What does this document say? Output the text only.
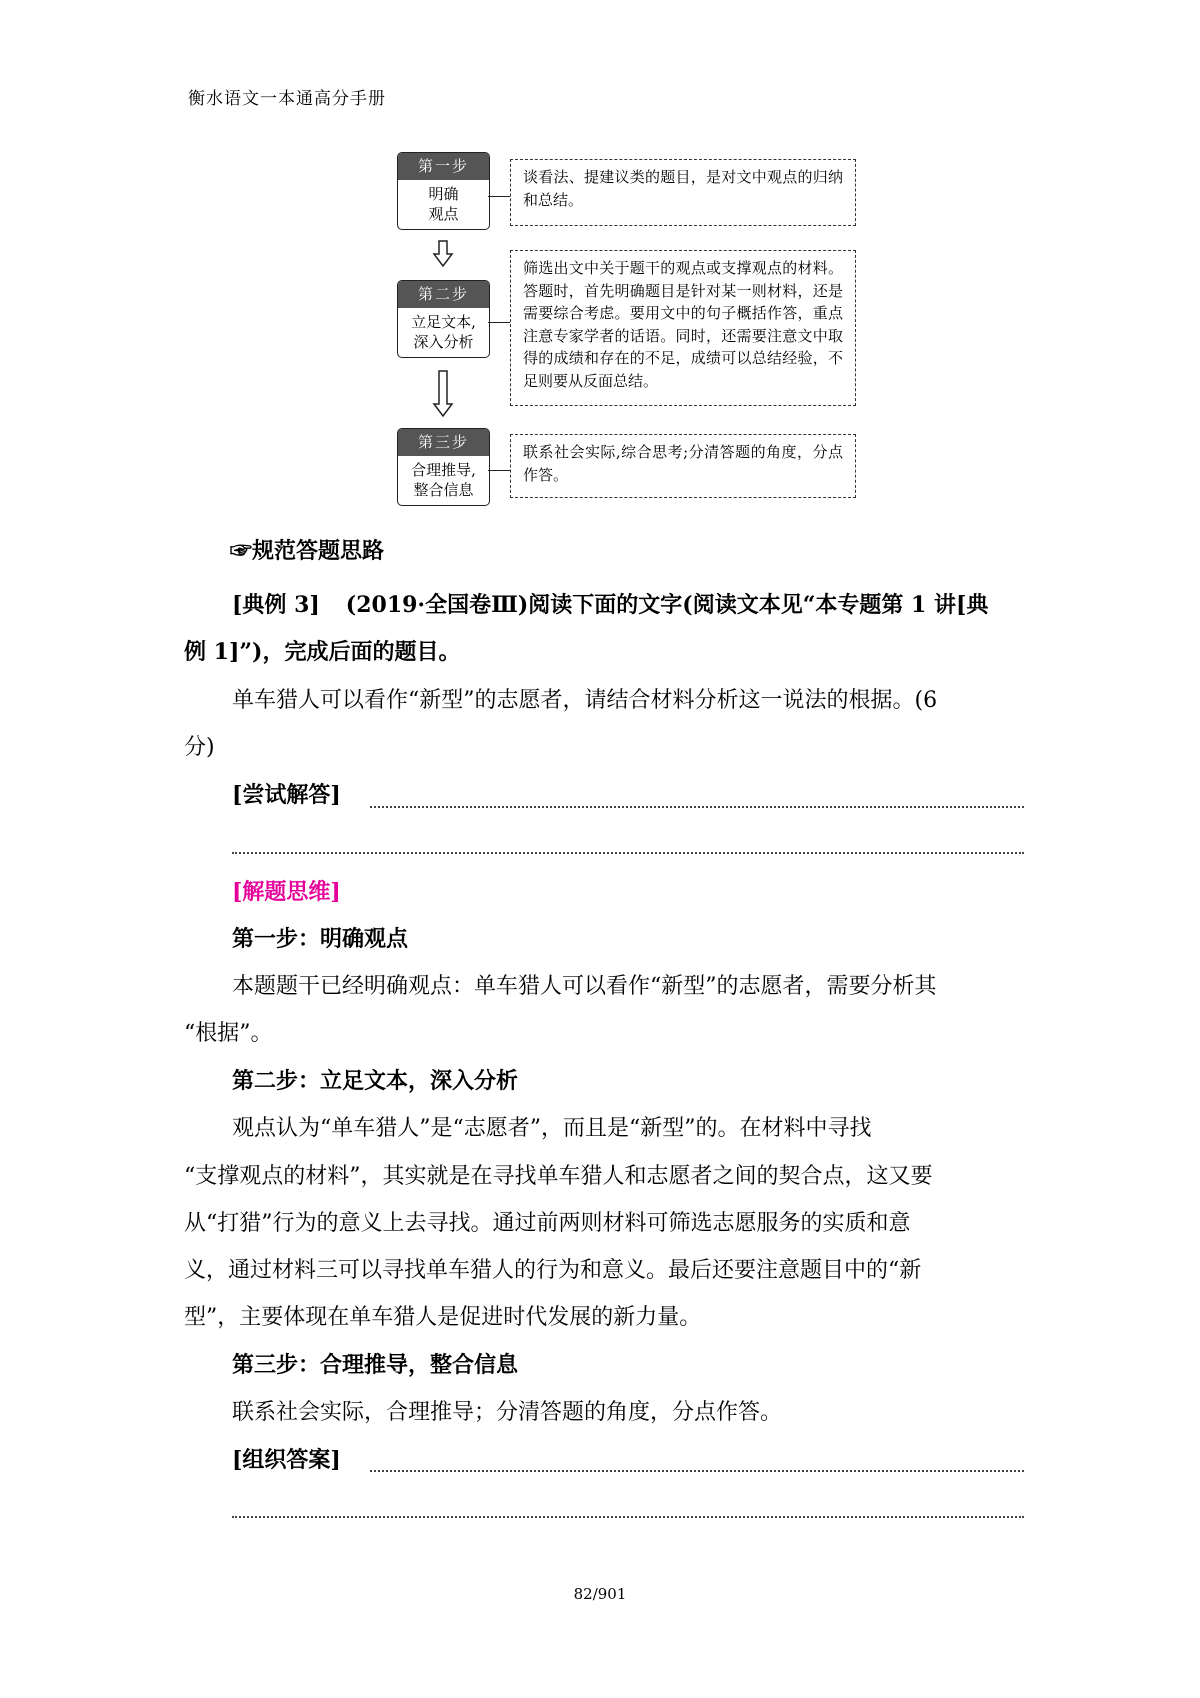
衡水语文一本通高分手册
第一步
明确
观点
谈看法、提建议类的题目，是对文中观点的归纳和总结。
第二步
立足文本,
深入分析
筛选出文中关于题干的观点或支撑观点的材料。答题时，首先明确题目是针对某一则材料，还是需要综合考虑。要用文中的句子概括作答，重点注意专家学者的话语。同时，还需要注意文中取得的成绩和存在的不足，成绩可以总结经验，不足则要从反面总结。
第三步
合理推导,
整合信息
联系社会实际,综合思考;分清答题的角度，分点作答。
☞规范答题思路
[典例 3] (2019·全国卷Ⅲ)阅读下面的文字(阅读文本见“本专题第 1 讲[典
例 1]”)，完成后面的题目。
单车猎人可以看作“新型”的志愿者，请结合材料分析这一说法的根据。(6
分)
[尝试解答]
[解题思维]
第一步：明确观点
本题题干已经明确观点：单车猎人可以看作“新型”的志愿者，需要分析其
“根据”。
第二步：立足文本，深入分析
观点认为“单车猎人”是“志愿者”，而且是“新型”的。在材料中寻找
“支撑观点的材料”，其实就是在寻找单车猎人和志愿者之间的契合点，这又要
从“打猎”行为的意义上去寻找。通过前两则材料可筛选志愿服务的实质和意
义，通过材料三可以寻找单车猎人的行为和意义。最后还要注意题目中的“新
型”，主要体现在单车猎人是促进时代发展的新力量。
第三步：合理推导，整合信息
联系社会实际，合理推导；分清答题的角度，分点作答。
[组织答案]
82/901
